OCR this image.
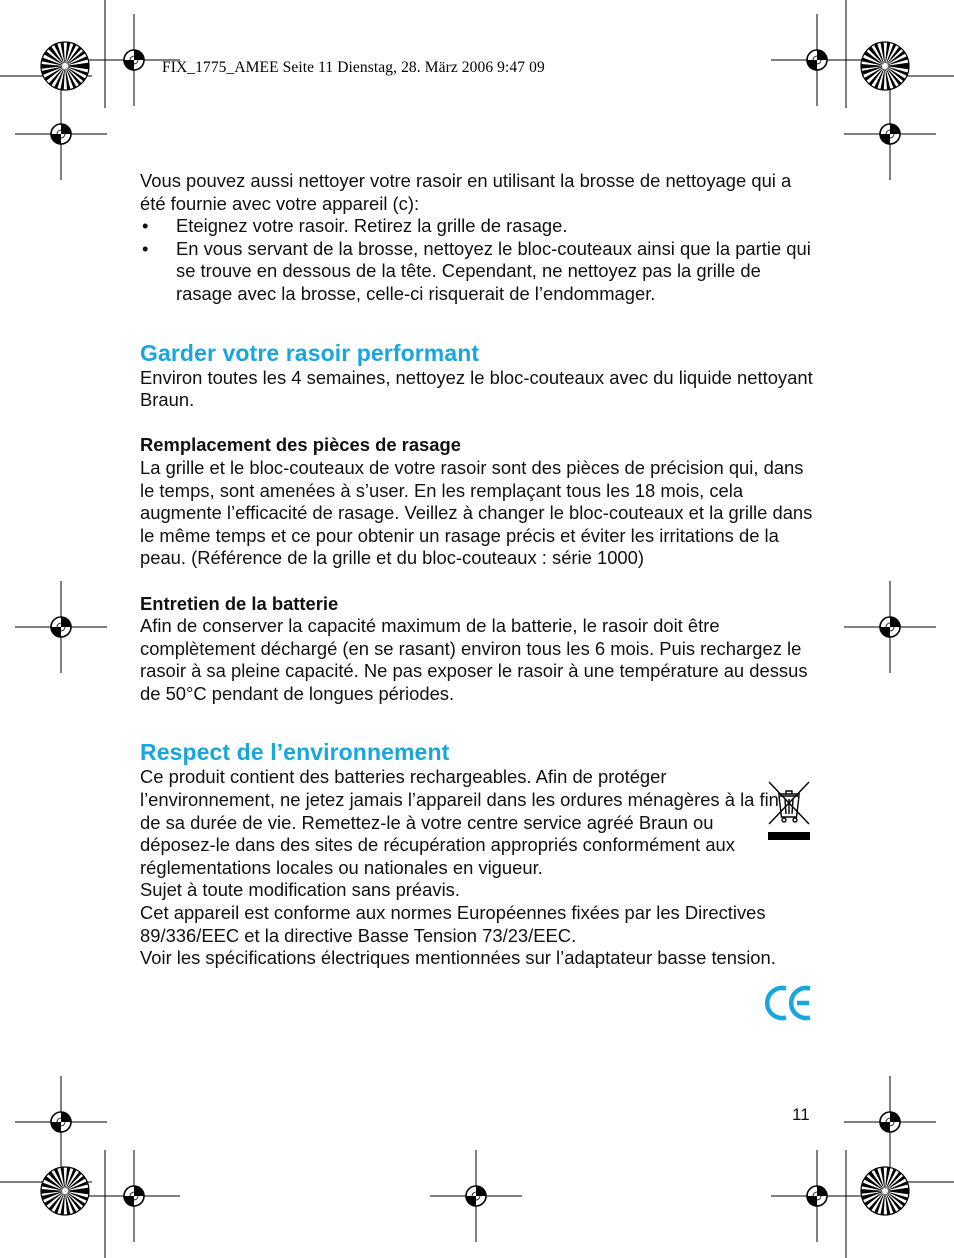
FIX_1775_AMEE Seite 11 Dienstag, 28. März 2006 9:47 09

Vous pouvez aussi nettoyer votre rasoir en utilisant la brosse de nettoyage qui a été fournie avec votre appareil (c):

• Eteignez votre rasoir. Retirez la grille de rasage.
• En vous servant de la brosse, nettoyez le bloc-couteaux ainsi que la partie qui se trouve en dessous de la tête. Cependant, ne nettoyez pas la grille de rasage avec la brosse, celle-ci risquerait de l’endommager.
Garder votre rasoir performant

Environ toutes les 4 semaines, nettoyez le bloc-couteaux avec du liquide nettoyant Braun.

Remplacement des pièces de rasage

La grille et le bloc-couteaux de votre rasoir sont des pièces de précision qui, dans le temps, sont amenées à s’user. En les remplaçant tous les 18 mois, cela augmente l’efficacité de rasage. Veillez à changer le bloc-couteaux et la grille dans le même temps et ce pour obtenir un rasage précis et éviter les irritations de la peau. (Référence de la grille et du bloc-couteaux : série 1000)

Entretien de la batterie

Afin de conserver la capacité maximum de la batterie, le rasoir doit être complètement déchargé (en se rasant) environ tous les 6 mois. Puis rechargez le rasoir à sa pleine capacité. Ne pas exposer le rasoir à une température au dessus de 50°C pendant de longues périodes.

Respect de l’environnement

Ce produit contient des batteries rechargeables. Afin de protéger l’environnement, ne jetez jamais l’appareil dans les ordures ménagères à la fin de sa durée de vie. Remettez-le à votre centre service agréé Braun ou déposez-le dans des sites de récupération appropriés conformément aux réglementations locales ou nationales en vigueur.

Sujet à toute modification sans préavis.

Cet appareil est conforme aux normes Européennes fixées par les Directives 89/336/EEC et la directive Basse Tension 73/23/EEC.

Voir les spécifications électriques mentionnées sur l’adaptateur basse tension.

11
